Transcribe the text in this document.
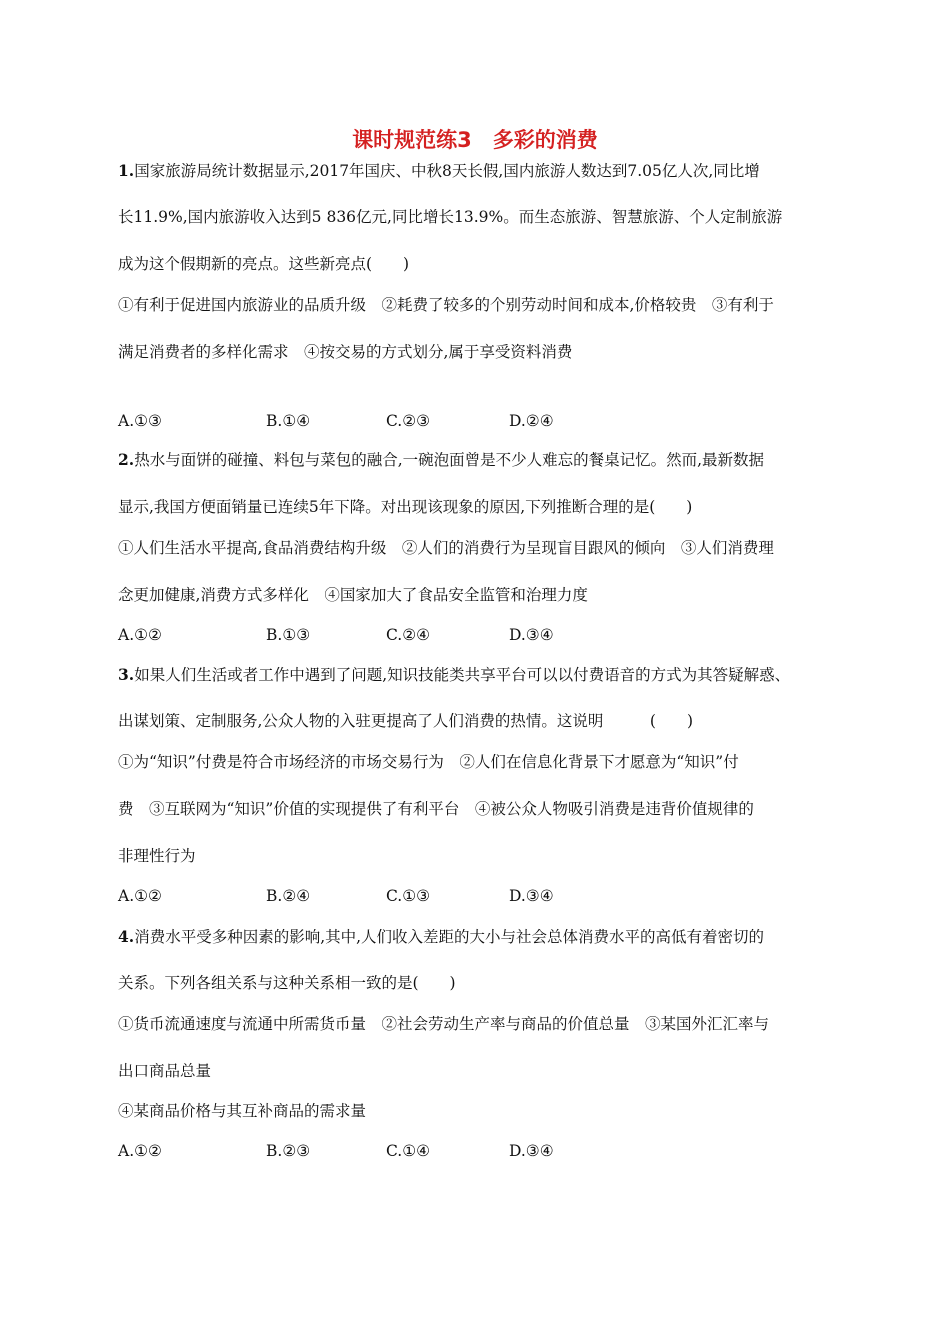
课时规范练3　多彩的消费
1.国家旅游局统计数据显示,2017年国庆、中秋8天长假,国内旅游人数达到7.05亿人次,同比增
长11.9%,国内旅游收入达到5 836亿元,同比增长13.9%。而生态旅游、智慧旅游、个人定制旅游
成为这个假期新的亮点。这些新亮点(　　)
①有利于促进国内旅游业的品质升级　②耗费了较多的个别劳动时间和成本,价格较贵　③有利于
满足消费者的多样化需求　④按交易的方式划分,属于享受资料消费
A.①③	B.①④	C.②③	D.②④
2.热水与面饼的碰撞、料包与菜包的融合,一碗泡面曾是不少人难忘的餐桌记忆。然而,最新数据
显示,我国方便面销量已连续5年下降。对出现该现象的原因,下列推断合理的是(　　)
①人们生活水平提高,食品消费结构升级　②人们的消费行为呈现盲目跟风的倾向　③人们消费理
念更加健康,消费方式多样化　④国家加大了食品安全监管和治理力度
A.①②	B.①③	C.②④	D.③④
3.如果人们生活或者工作中遇到了问题,知识技能类共享平台可以以付费语音的方式为其答疑解惑、
出谋划策、定制服务,公众人物的入驻更提高了人们消费的热情。这说明　　　(　　)
①为“知识”付费是符合市场经济的市场交易行为　②人们在信息化背景下才愿意为“知识”付
费　③互联网为“知识”价值的实现提供了有利平台　④被公众人物吸引消费是违背价值规律的
非理性行为
A.①②	B.②④	C.①③	D.③④
4.消费水平受多种因素的影响,其中,人们收入差距的大小与社会总体消费水平的高低有着密切的
关系。下列各组关系与这种关系相一致的是(　　)
①货币流通速度与流通中所需货币量　②社会劳动生产率与商品的价值总量　③某国外汇汇率与
出口商品总量
④某商品价格与其互补商品的需求量
A.①②	B.②③	C.①④	D.③④
